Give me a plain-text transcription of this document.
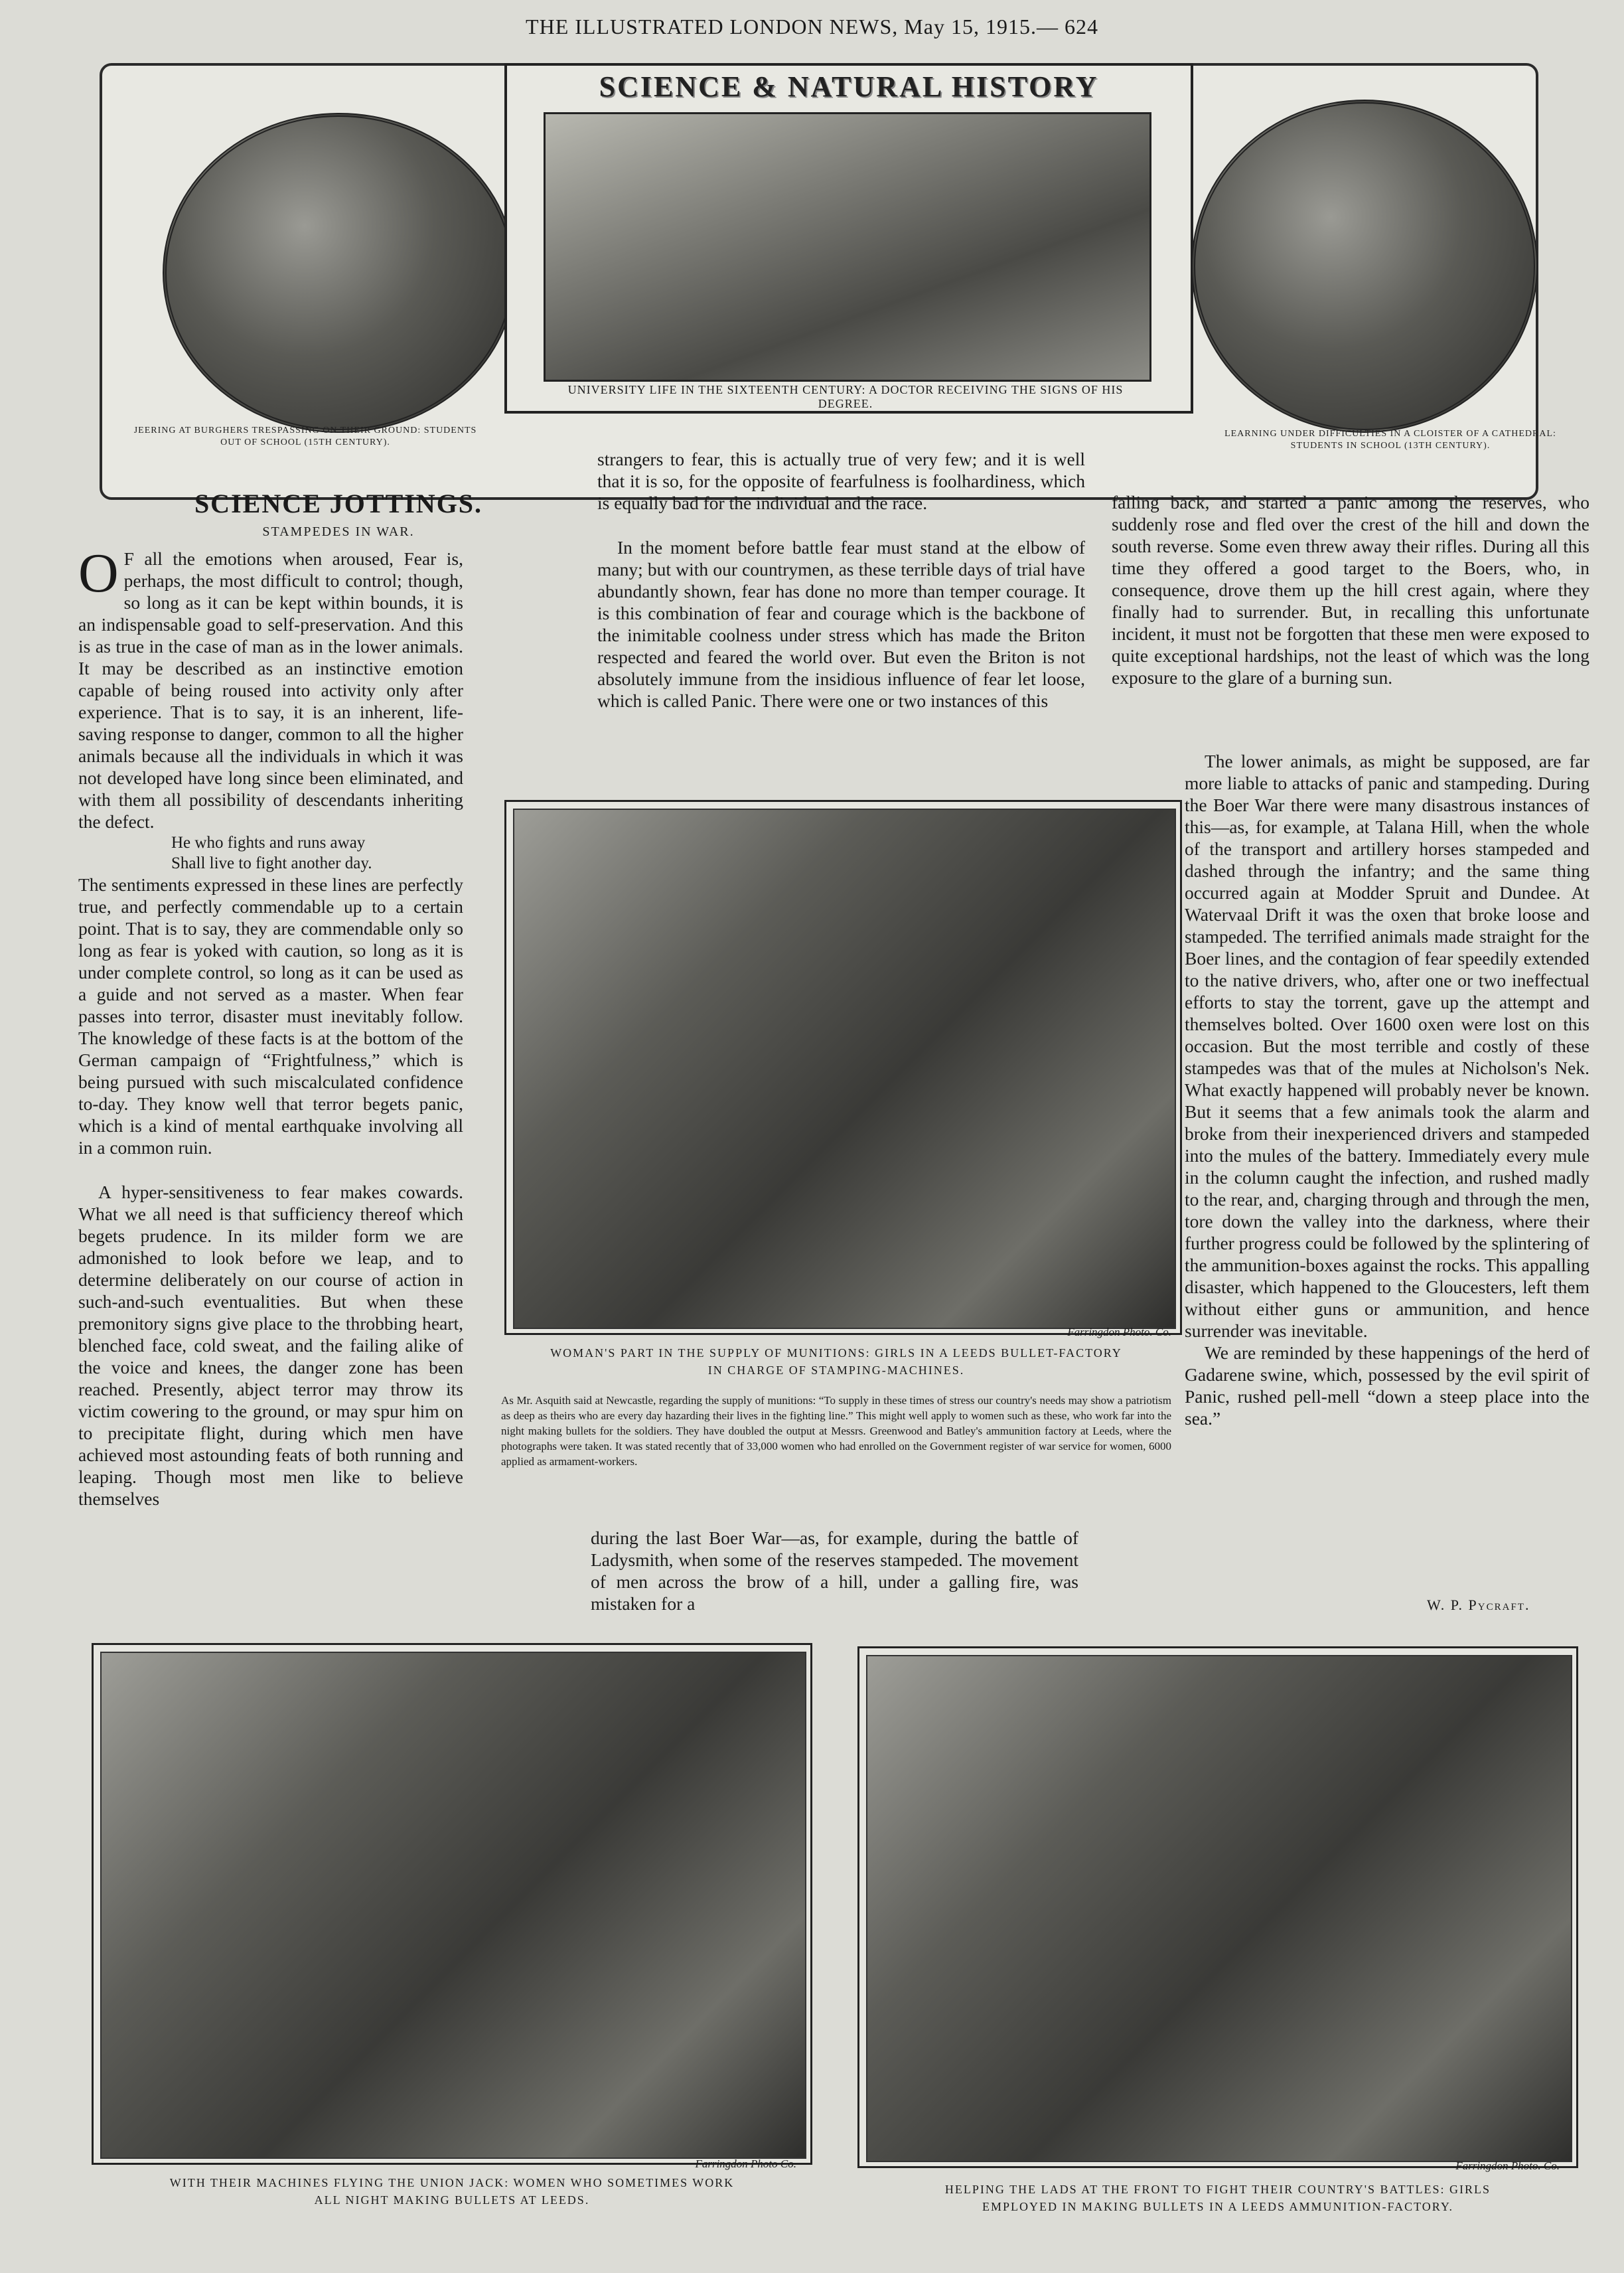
THE ILLUSTRATED LONDON NEWS, May 15, 1915.— 624
JEERING AT BURGHERS TRESPASSING ON THEIR GROUND: STUDENTS OUT OF SCHOOL (15TH CENTURY).
SCIENCE & NATURAL HISTORY
UNIVERSITY LIFE IN THE SIXTEENTH CENTURY: A DOCTOR RECEIVING THE SIGNS OF HIS DEGREE.
LEARNING UNDER DIFFICULTIES IN A CLOISTER OF A CATHEDRAL: STUDENTS IN SCHOOL (13TH CENTURY).
SCIENCE JOTTINGS.
STAMPEDES IN WAR.

O F all the emotions when aroused, Fear is, perhaps, the most difficult to control; though, so long as it can be kept within bounds, it is an indispensable goad to self-preservation. And this is as true in the case of man as in the lower animals. It may be described as an instinctive emotion capable of being roused into activity only after experience. That is to say, it is an inherent, life-saving response to danger, common to all the higher animals because all the individuals in which it was not developed have long since been eliminated, and with them all possibility of descendants inheriting the defect.

He who fights and runs away

Shall live to fight another day.

The sentiments expressed in these lines are perfectly true, and perfectly commendable up to a certain point. That is to say, they are commendable only so long as fear is yoked with caution, so long as it is under complete control, so long as it can be used as a guide and not served as a master. When fear passes into terror, disaster must inevitably follow. The knowledge of these facts is at the bottom of the German campaign of “Frightfulness,” which is being pursued with such miscalculated confidence to-day. They know well that terror begets panic, which is a kind of mental earthquake involving all in a common ruin.

A hyper-sensitiveness to fear makes cowards. What we all need is that sufficiency thereof which begets prudence. In its milder form we are admonished to look before we leap, and to determine deliberately on our course of action in such-and-such eventualities. But when these premonitory signs give place to the throbbing heart, blenched face, cold sweat, and the failing alike of the voice and knees, the danger zone has been reached. Presently, abject terror may throw its victim cowering to the ground, or may spur him on to precipitate flight, during which men have achieved most astounding feats of both running and leaping. Though most men like to believe themselves

strangers to fear, this is actually true of very few; and it is well that it is so, for the opposite of fearfulness is foolhardiness, which is equally bad for the individual and the race.

In the moment before battle fear must stand at the elbow of many; but with our countrymen, as these terrible days of trial have abundantly shown, fear has done no more than temper courage. It is this combination of fear and courage which is the backbone of the inimitable coolness under stress which has made the Briton respected and feared the world over. But even the Briton is not absolutely immune from the insidious influence of fear let loose, which is called Panic. There were one or two instances of this

falling back, and started a panic among the reserves, who suddenly rose and fled over the crest of the hill and down the south reverse. Some even threw away their rifles. During all this time they offered a good target to the Boers, who, in consequence, drove them up the hill crest again, where they finally had to surrender. But, in recalling this unfortunate incident, it must not be forgotten that these men were exposed to quite exceptional hardships, not the least of which was the long exposure to the glare of a burning sun.

Farringdon Photo. Co.
WOMAN'S PART IN THE SUPPLY OF MUNITIONS: GIRLS IN A LEEDS BULLET-FACTORY
IN CHARGE OF STAMPING-MACHINES.
As Mr. Asquith said at Newcastle, regarding the supply of munitions: “To supply in these times of stress our country's needs may show a patriotism as deep as theirs who are every day hazarding their lives in the fighting line.” This might well apply to women such as these, who work far into the night making bullets for the soldiers. They have doubled the output at Messrs. Greenwood and Batley's ammunition factory at Leeds, where the photographs were taken. It was stated recently that of 33,000 women who had enrolled on the Government register of war service for women, 6000 applied as armament-workers.

The lower animals, as might be supposed, are far more liable to attacks of panic and stampeding. During the Boer War there were many disastrous instances of this—as, for example, at Talana Hill, when the whole of the transport and artillery horses stampeded and dashed through the infantry; and the same thing occurred again at Modder Spruit and Dundee. At Watervaal Drift it was the oxen that broke loose and stampeded. The terrified animals made straight for the Boer lines, and the contagion of fear speedily extended to the native drivers, who, after one or two ineffectual efforts to stay the torrent, gave up the attempt and themselves bolted. Over 1600 oxen were lost on this occasion. But the most terrible and costly of these stampedes was that of the mules at Nicholson's Nek. What exactly happened will probably never be known. But it seems that a few animals took the alarm and broke from their inexperienced drivers and stampeded into the mules of the battery. Immediately every mule in the column caught the infection, and rushed madly to the rear, and, charging through and through the men, tore down the valley into the darkness, where their further progress could be followed by the splintering of the ammunition-boxes against the rocks. This appalling disaster, which happened to the Gloucesters, left them without either guns or ammunition, and hence surrender was inevitable.

We are reminded by these happenings of the herd of Gadarene swine, which, possessed by the evil spirit of Panic, rushed pell-mell “down a steep place into the sea.”

W. P. Pycraft.

during the last Boer War—as, for example, during the battle of Ladysmith, when some of the reserves stampeded. The movement of men across the brow of a hill, under a galling fire, was mistaken for a

Farringdon Photo Co.
WITH THEIR MACHINES FLYING THE UNION JACK: WOMEN WHO SOMETIMES WORK
ALL NIGHT MAKING BULLETS AT LEEDS.
Farringdon Photo. Co.
HELPING THE LADS AT THE FRONT TO FIGHT THEIR COUNTRY'S BATTLES: GIRLS
EMPLOYED IN MAKING BULLETS IN A LEEDS AMMUNITION-FACTORY.
